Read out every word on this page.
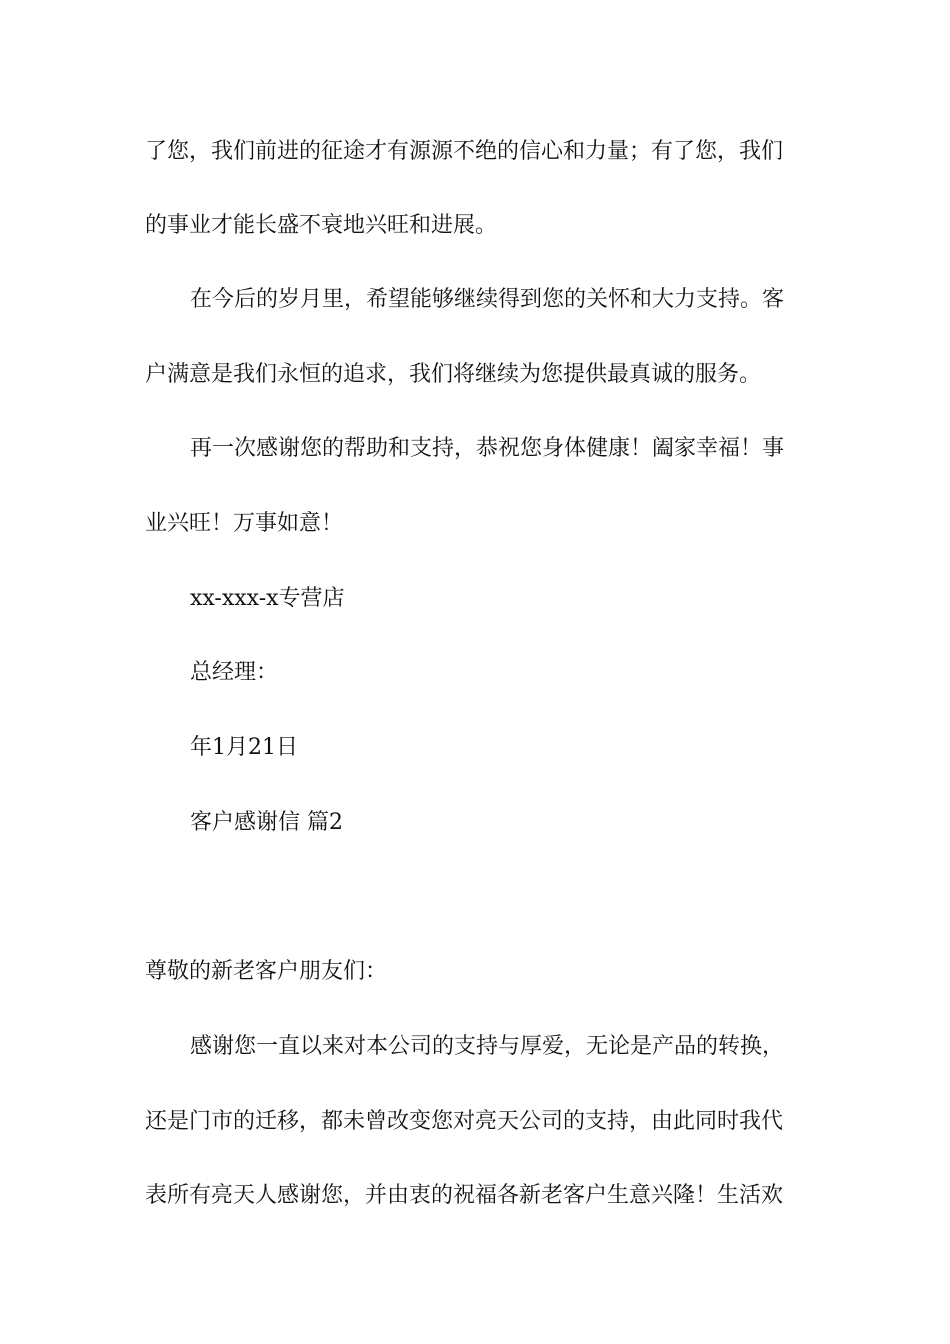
了您，我们前进的征途才有源源不绝的信心和力量；有了您，我们
的事业才能长盛不衰地兴旺和进展。
在今后的岁月里，希望能够继续得到您的关怀和大力支持。客
户满意是我们永恒的追求，我们将继续为您提供最真诚的服务。
再一次感谢您的帮助和支持，恭祝您身体健康！阖家幸福！事
业兴旺！万事如意！
xx-xxx-x专营店
总经理：
年1月21日
客户感谢信 篇2
尊敬的新老客户朋友们：
感谢您一直以来对本公司的支持与厚爱，无论是产品的转换，
还是门市的迁移，都未曾改变您对亮天公司的支持，由此同时我代
表所有亮天人感谢您，并由衷的祝福各新老客户生意兴隆！生活欢
